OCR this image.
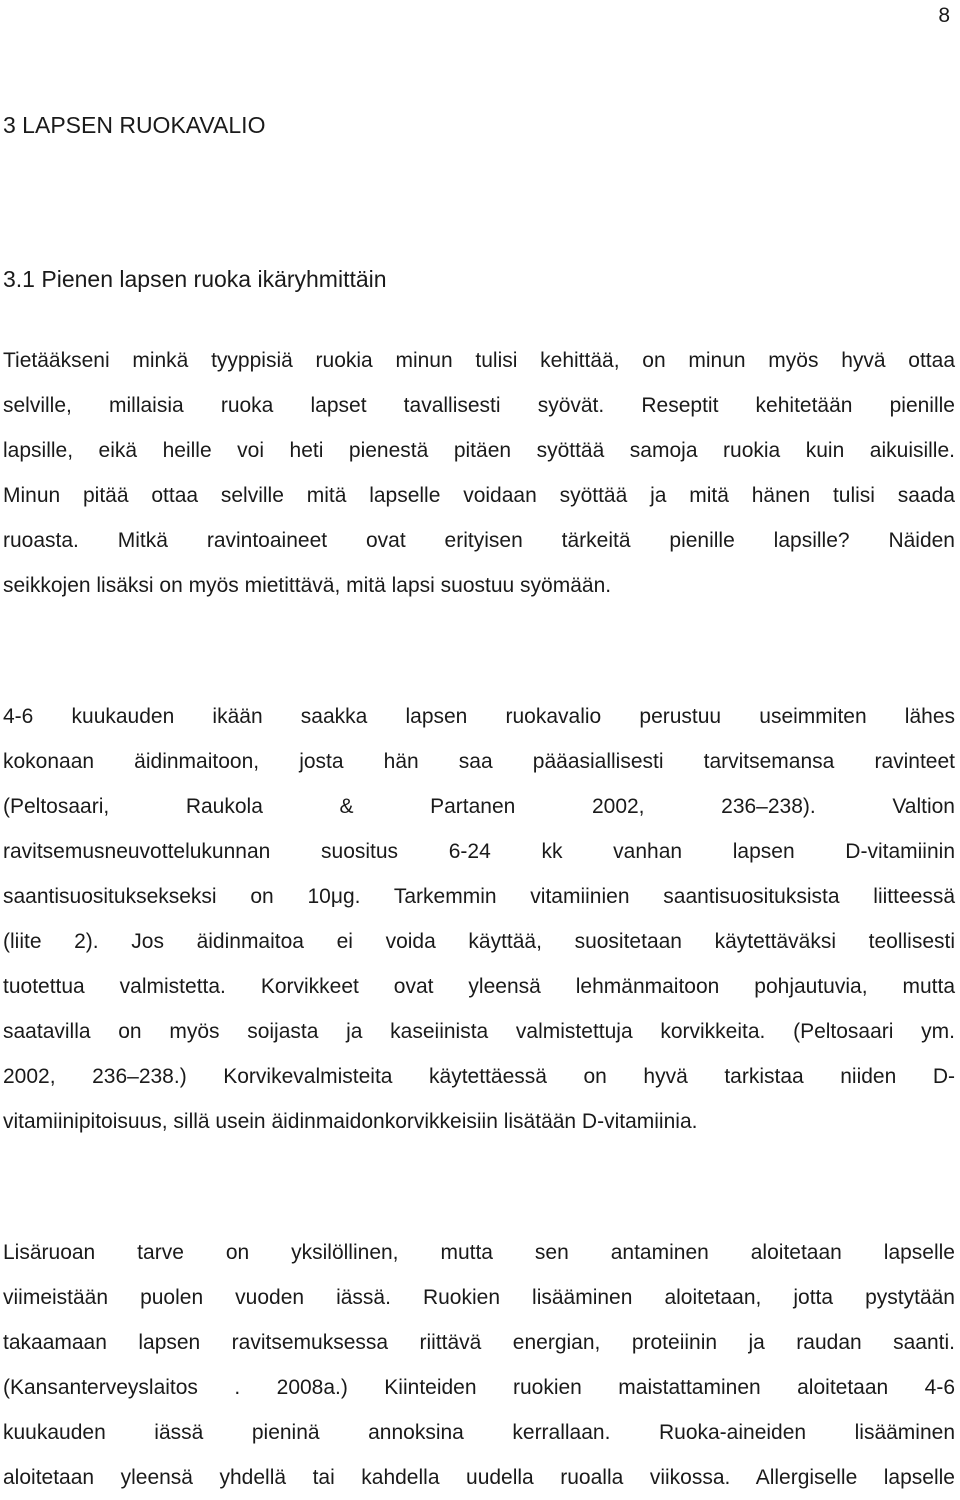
8
3 LAPSEN RUOKAVALIO
3.1 Pienen lapsen ruoka ikäryhmittäin

Tietääkseni minkä tyyppisiä ruokia minun tulisi kehittää, on minun myös hyvä ottaa
selville, millaisia ruoka lapset tavallisesti syövät. Reseptit kehitetään pienille
lapsille, eikä heille voi heti pienestä pitäen syöttää samoja ruokia kuin aikuisille.
Minun pitää ottaa selville mitä lapselle voidaan syöttää ja mitä hänen tulisi saada
ruoasta. Mitkä ravintoaineet ovat erityisen tärkeitä pienille lapsille? Näiden
seikkojen lisäksi on myös mietittävä, mitä lapsi suostuu syömään.

4-6 kuukauden ikään saakka lapsen ruokavalio perustuu useimmiten lähes
kokonaan äidinmaitoon, josta hän saa pääasiallisesti tarvitsemansa ravinteet
(Peltosaari, Raukola & Partanen 2002, 236–238). Valtion
ravitsemusneuvottelukunnan suositus 6-24 kk vanhan lapsen D-vitamiinin
saantisuosituksekseksi on 10μg. Tarkemmin vitamiinien saantisuosituksista liitteessä
(liite 2). Jos äidinmaitoa ei voida käyttää, suositetaan käytettäväksi teollisesti
tuotettua valmistetta. Korvikkeet ovat yleensä lehmänmaitoon pohjautuvia, mutta
saatavilla on myös soijasta ja kaseiinista valmistettuja korvikkeita. (Peltosaari ym.
2002, 236–238.) Korvikevalmisteita käytettäessä on hyvä tarkistaa niiden D-
vitamiinipitoisuus, sillä usein äidinmaidonkorvikkeisiin lisätään D-vitamiinia.

Lisäruoan tarve on yksilöllinen, mutta sen antaminen aloitetaan lapselle
viimeistään puolen vuoden iässä. Ruokien lisääminen aloitetaan, jotta pystytään
takaamaan lapsen ravitsemuksessa riittävä energian, proteiinin ja raudan saanti.
(Kansanterveyslaitos . 2008a.) Kiinteiden ruokien maistattaminen aloitetaan 4-6
kuukauden iässä pieninä annoksina kerrallaan. Ruoka-aineiden lisääminen
aloitetaan yleensä yhdellä tai kahdella uudella ruoalla viikossa. Allergiselle lapselle
